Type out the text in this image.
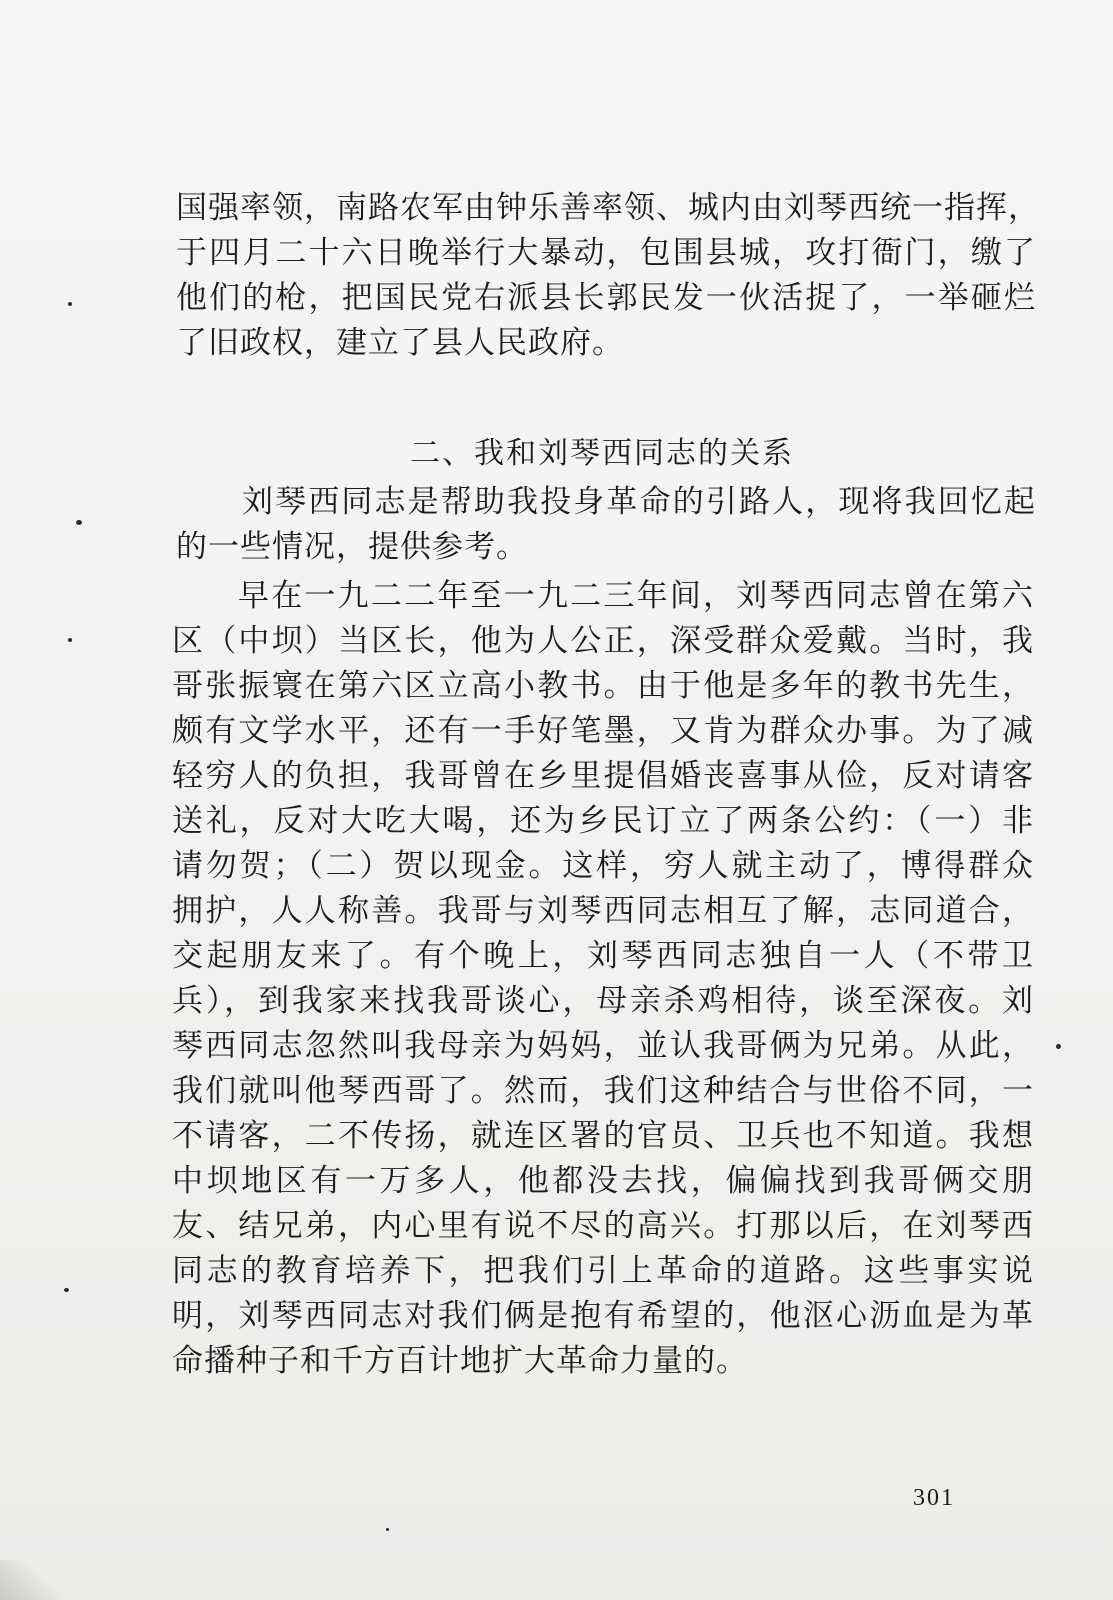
国强率领，南路农军由钟乐善率领、城内由刘琴西统一指挥，
于四月二十六日晚举行大暴动，包围县城，攻打衙门，缴了
他们的枪，把国民党右派县长郭民发一伙活捉了，一举砸烂
了旧政权，建立了县人民政府。
二、我和刘琴西同志的关系
刘琴西同志是帮助我投身革命的引路人，现将我回忆起
的一些情况，提供参考。
早在一九二二年至一九二三年间，刘琴西同志曾在第六
区（中坝）当区长，他为人公正，深受群众爱戴。当时，我
哥张振寰在第六区立高小教书。由于他是多年的教书先生，
颇有文学水平，还有一手好笔墨，又肯为群众办事。为了减
轻穷人的负担，我哥曾在乡里提倡婚丧喜事从俭，反对请客
送礼，反对大吃大喝，还为乡民订立了两条公约：（一）非
请勿贺；（二）贺以现金。这样，穷人就主动了，博得群众
拥护，人人称善。我哥与刘琴西同志相互了解，志同道合，
交起朋友来了。有个晚上，刘琴西同志独自一人（不带卫
兵），到我家来找我哥谈心，母亲杀鸡相待，谈至深夜。刘
琴西同志忽然叫我母亲为妈妈，並认我哥俩为兄弟。从此，
我们就叫他琴西哥了。然而，我们这种结合与世俗不同，一
不请客，二不传扬，就连区署的官员、卫兵也不知道。我想
中坝地区有一万多人，他都没去找，偏偏找到我哥俩交朋
友、结兄弟，内心里有说不尽的高兴。打那以后，在刘琴西
同志的教育培养下，把我们引上革命的道路。这些事实说
明，刘琴西同志对我们俩是抱有希望的，他沤心沥血是为革
命播种子和千方百计地扩大革命力量的。
301
